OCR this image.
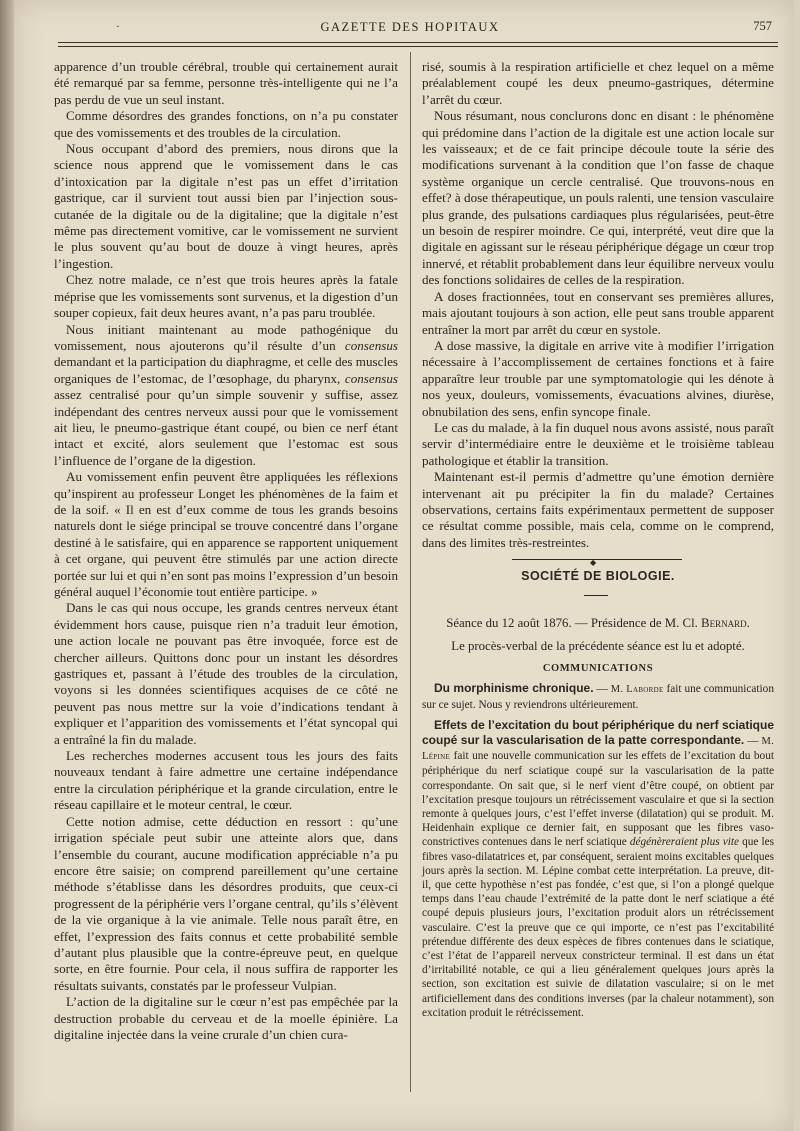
·	GAZETTE DES HOPITAUX	757

apparence d’un trouble cérébral, trouble qui certainement aurait été remarqué par sa femme, personne très-intelligente qui ne l’a pas perdu de vue un seul instant.

Comme désordres des grandes fonctions, on n’a pu constater que des vomissements et des troubles de la circulation.

Nous occupant d’abord des premiers, nous dirons que la science nous apprend que le vomissement dans le cas d’intoxication par la digitale n’est pas un effet d’irritation gastrique, car il survient tout aussi bien par l’injection sous-cutanée de la digitale ou de la digitaline; que la digitale n’est même pas directement vomitive, car le vomissement ne survient le plus souvent qu’au bout de douze à vingt heures, après l’ingestion.

Chez notre malade, ce n’est que trois heures après la fatale méprise que les vomissements sont survenus, et la digestion d’un souper copieux, fait deux heures avant, n’a pas paru troublée.

Nous initiant maintenant au mode pathogénique du vomissement, nous ajouterons qu’il résulte d’un consensus demandant et la participation du diaphragme, et celle des muscles organiques de l’estomac, de l’œsophage, du pharynx, consensus assez centralisé pour qu’un simple souvenir y suffise, assez indépendant des centres nerveux aussi pour que le vomissement ait lieu, le pneumo-gastrique étant coupé, ou bien ce nerf étant intact et excité, alors seulement que l’estomac est sous l’influence de l’organe de la digestion.

Au vomissement enfin peuvent être appliquées les réflexions qu’inspirent au professeur Longet les phénomènes de la faim et de la soif. « Il en est d’eux comme de tous les grands besoins naturels dont le siége principal se trouve concentré dans l’organe destiné à le satisfaire, qui en apparence se rapportent uniquement à cet organe, qui peuvent être stimulés par une action directe portée sur lui et qui n’en sont pas moins l’expression d’un besoin général auquel l’économie tout entière participe. »

Dans le cas qui nous occupe, les grands centres nerveux étant évidemment hors cause, puisque rien n’a traduit leur émotion, une action locale ne pouvant pas être invoquée, force est de chercher ailleurs. Quittons donc pour un instant les désordres gastriques et, passant à l’étude des troubles de la circulation, voyons si les données scientifiques acquises de ce côté ne peuvent pas nous mettre sur la voie d’indications tendant à expliquer et l’apparition des vomissements et l’état syncopal qui a entraîné la fin du malade.

Les recherches modernes accusent tous les jours des faits nouveaux tendant à faire admettre une certaine indépendance entre la circulation périphérique et la grande circulation, entre le réseau capillaire et le moteur central, le cœur.

Cette notion admise, cette déduction en ressort : qu’une irrigation spéciale peut subir une atteinte alors que, dans l’ensemble du courant, aucune modification appréciable n’a pu encore être saisie; on comprend pareillement qu’une certaine méthode s’établisse dans les désordres produits, que ceux-ci progressent de la périphérie vers l’organe central, qu’ils s’élèvent de la vie organique à la vie animale. Telle nous paraît être, en effet, l’expression des faits connus et cette probabilité semble d’autant plus plausible que la contre-épreuve peut, en quelque sorte, en être fournie. Pour cela, il nous suffira de rapporter les résultats suivants, constatés par le professeur Vulpian.

L’action de la digitaline sur le cœur n’est pas empêchée par la destruction probable du cerveau et de la moelle épinière. La digitaline injectée dans la veine crurale d’un chien cura-

risé, soumis à la respiration artificielle et chez lequel on a même préalablement coupé les deux pneumo-gastriques, détermine l’arrêt du cœur.

Nous résumant, nous conclurons donc en disant : le phénomène qui prédomine dans l’action de la digitale est une action locale sur les vaisseaux; et de ce fait principe découle toute la série des modifications survenant à la condition que l’on fasse de chaque système organique un cercle centralisé. Que trouvons-nous en effet? à dose thérapeutique, un pouls ralenti, une tension vasculaire plus grande, des pulsations cardiaques plus régularisées, peut-être un besoin de respirer moindre. Ce qui, interprété, veut dire que la digitale en agissant sur le réseau périphérique dégage un cœur trop innervé, et rétablit probablement dans leur équilibre nerveux voulu des fonctions solidaires de celles de la respiration.

A doses fractionnées, tout en conservant ses premières allures, mais ajoutant toujours à son action, elle peut sans trouble apparent entraîner la mort par arrêt du cœur en systole.

A dose massive, la digitale en arrive vite à modifier l’irrigation nécessaire à l’accomplissement de certaines fonctions et à faire apparaître leur trouble par une symptomatologie qui les dénote à nos yeux, douleurs, vomissements, évacuations alvines, diurèse, obnubilation des sens, enfin syncope finale.

Le cas du malade, à la fin duquel nous avons assisté, nous paraît servir d’intermédiaire entre le deuxième et le troisième tableau pathologique et établir la transition.

Maintenant est-il permis d’admettre qu’une émotion dernière intervenant ait pu précipiter la fin du malade? Certaines observations, certains faits expérimentaux permettent de supposer ce résultat comme possible, mais cela, comme on le comprend, dans des limites très-restreintes.

◆
SOCIÉTÉ DE BIOLOGIE.
Séance du 12 août 1876. — Présidence de M. Cl. Bernard.
Le procès-verbal de la précédente séance est lu et adopté.
COMMUNICATIONS

Du morphinisme chronique. — M. Laborde fait une communication sur ce sujet. Nous y reviendrons ultérieurement.

Effets de l’excitation du bout périphérique du nerf sciatique coupé sur la vascularisation de la patte correspondante. — M. Lépine fait une nouvelle communication sur les effets de l’excitation du bout périphérique du nerf sciatique coupé sur la vascularisation de la patte correspondante. On sait que, si le nerf vient d’être coupé, on obtient par l’excitation presque toujours un rétrécissement vasculaire et que si la section remonte à quelques jours, c’est l’effet inverse (dilatation) qui se produit. M. Heidenhain explique ce dernier fait, en supposant que les fibres vaso-constrictives contenues dans le nerf sciatique dégénèreraient plus vite que les fibres vaso-dilatatrices et, par conséquent, seraient moins excitables quelques jours après la section. M. Lépine combat cette interprétation. La preuve, dit-il, que cette hypothèse n’est pas fondée, c’est que, si l’on a plongé quelque temps dans l’eau chaude l’extrémité de la patte dont le nerf sciatique a été coupé depuis plusieurs jours, l’excitation produit alors un rétrécissement vasculaire. C’est la preuve que ce qui importe, ce n’est pas l’excitabilité prétendue différente des deux espèces de fibres contenues dans le sciatique, c’est l’état de l’appareil nerveux constricteur terminal. Il est dans un état d’irritabilité notable, ce qui a lieu généralement quelques jours après la section, son excitation est suivie de dilatation vasculaire; si on le met artificiellement dans des conditions inverses (par la chaleur notamment), son excitation produit le rétrécissement.
